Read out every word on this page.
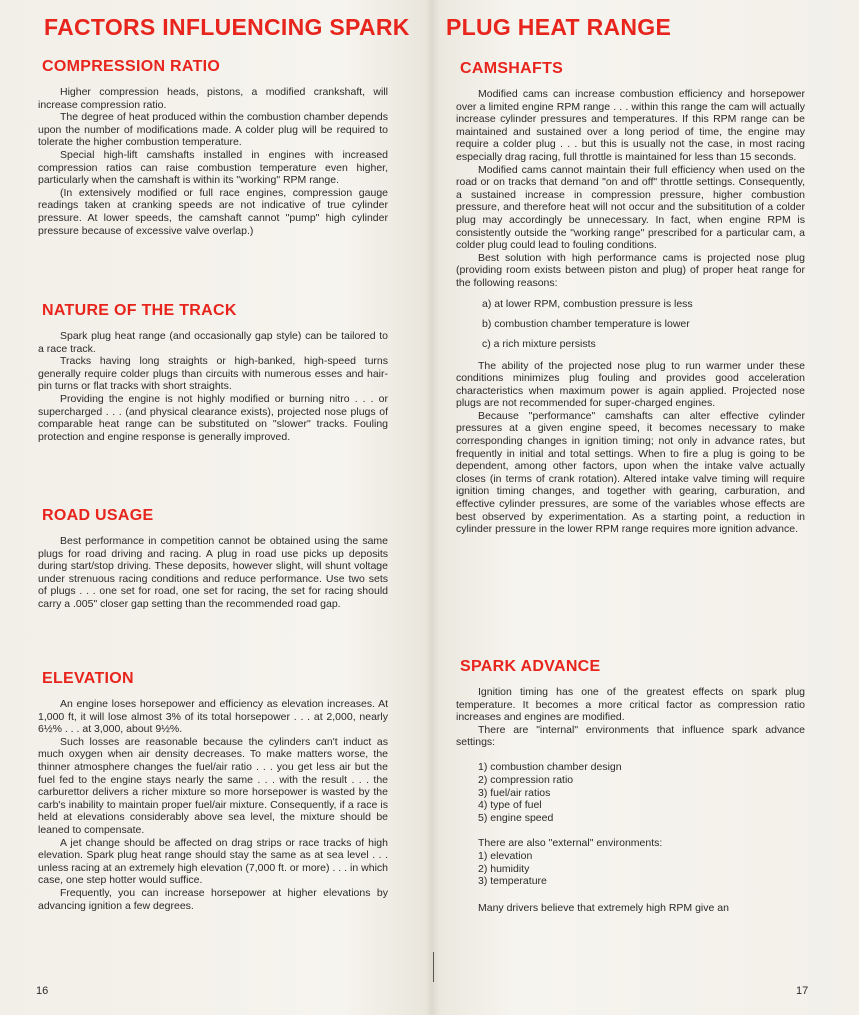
FACTORS INFLUENCING SPARK PLUG HEAT RANGE
COMPRESSION RATIO

Higher compression heads, pistons, a modified crankshaft, will increase compression ratio.

The degree of heat produced within the combustion chamber depends upon the number of modifications made. A colder plug will be required to tolerate the higher combustion temperature.

Special high-lift camshafts installed in engines with increased compression ratios can raise combustion temperature even higher, particularly when the camshaft is within its "working" RPM range.

(In extensively modified or full race engines, compression gauge readings taken at cranking speeds are not indicative of true cylinder pressure. At lower speeds, the camshaft cannot "pump" high cylinder pressure because of excessive valve overlap.)

NATURE OF THE TRACK

Spark plug heat range (and occasionally gap style) can be tailored to a race track.

Tracks having long straights or high-banked, high-speed turns generally require colder plugs than circuits with numerous esses and hair-pin turns or flat tracks with short straights.

Providing the engine is not highly modified or burning nitro . . . or supercharged . . . (and physical clearance exists), projected nose plugs of comparable heat range can be substituted on "slower" tracks. Fouling protection and engine response is generally improved.

ROAD USAGE

Best performance in competition cannot be obtained using the same plugs for road driving and racing. A plug in road use picks up deposits during start/stop driving. These deposits, however slight, will shunt voltage under strenuous racing conditions and reduce performance. Use two sets of plugs . . . one set for road, one set for racing, the set for racing should carry a .005" closer gap setting than the recommended road gap.

ELEVATION

An engine loses horsepower and efficiency as elevation increases. At 1,000 ft, it will lose almost 3% of its total horsepower . . . at 2,000, nearly 6½% . . . at 3,000, about 9½%.

Such losses are reasonable because the cylinders can't induct as much oxygen when air density decreases. To make matters worse, the thinner atmosphere changes the fuel/air ratio . . . you get less air but the fuel fed to the engine stays nearly the same . . . with the result . . . the carburettor delivers a richer mixture so more horsepower is wasted by the carb's inability to maintain proper fuel/air mixture. Consequently, if a race is held at elevations considerably above sea level, the mixture should be leaned to compensate.

A jet change should be affected on drag strips or race tracks of high elevation. Spark plug heat range should stay the same as at sea level . . . unless racing at an extremely high elevation (7,000 ft. or more) . . . in which case, one step hotter would suffice.

Frequently, you can increase horsepower at higher elevations by advancing ignition a few degrees.

CAMSHAFTS

Modified cams can increase combustion efficiency and horsepower over a limited engine RPM range . . . within this range the cam will actually increase cylinder pressures and temperatures. If this RPM range can be maintained and sustained over a long period of time, the engine may require a colder plug . . . but this is usually not the case, in most racing especially drag racing, full throttle is maintained for less than 15 seconds.

Modified cams cannot maintain their full efficiency when used on the road or on tracks that demand "on and off" throttle settings. Consequently, a sustained increase in compression pressure, higher combustion pressure, and therefore heat will not occur and the subsititution of a colder plug may accordingly be unnecessary. In fact, when engine RPM is consistently outside the "working range" prescribed for a particular cam, a colder plug could lead to fouling conditions.

Best solution with high performance cams is projected nose plug (providing room exists between piston and plug) of proper heat range for the following reasons:

a) at lower RPM, combustion pressure is less
b) combustion chamber temperature is lower
c) a rich mixture persists

The ability of the projected nose plug to run warmer under these conditions minimizes plug fouling and provides good acceleration characteristics when maximum power is again applied. Projected nose plugs are not recommended for super-charged engines.

Because "performance" camshafts can alter effective cylinder pressures at a given engine speed, it becomes necessary to make corresponding changes in ignition timing; not only in advance rates, but frequently in initial and total settings. When to fire a plug is going to be dependent, among other factors, upon when the intake valve actually closes (in terms of crank rotation). Altered intake valve timing will require ignition timing changes, and together with gearing, carburation, and effective cylinder pressures, are some of the variables whose effects are best observed by experimentation. As a starting point, a reduction in cylinder pressure in the lower RPM range requires more ignition advance.

SPARK ADVANCE

Ignition timing has one of the greatest effects on spark plug temperature. It becomes a more critical factor as compression ratio increases and engines are modified.

There are "internal" environments that influence spark advance settings:

1) combustion chamber design
2) compression ratio
3) fuel/air ratios
4) type of fuel
5) engine speed
There are also "external" environments:
1) elevation
2) humidity
3) temperature
Many drivers believe that extremely high RPM give an
16	17
